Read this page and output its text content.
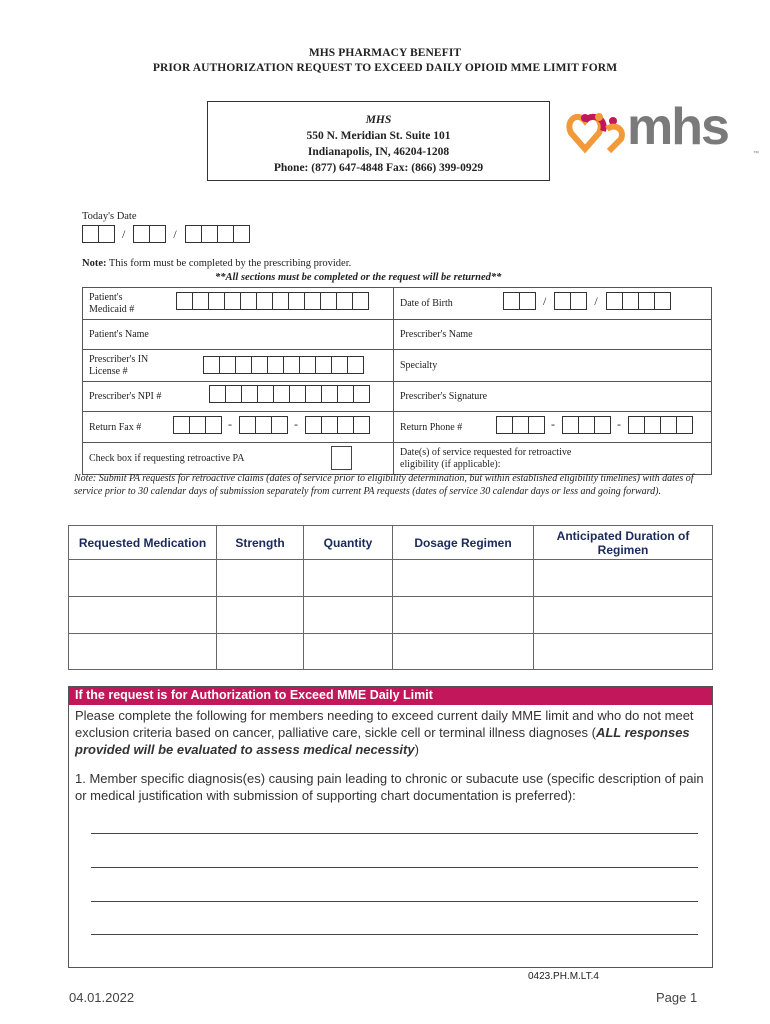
MHS PHARMACY BENEFIT
PRIOR AUTHORIZATION REQUEST TO EXCEED DAILY OPIOID MME LIMIT FORM
MHS
550 N. Meridian St. Suite 101
Indianapolis, IN, 46204-1208
Phone: (877) 647-4848 Fax: (866) 399-0929
mhs	™
Today's Date
/	/
Note: This form must be completed by the prescribing provider.
**All sections must be completed or the request will be returned**
Patient's Medicaid #	Date of Birth / /

Patient's Name	Prescriber's Name

Prescriber's IN License #	Specialty

Prescriber's NPI #	Prescriber's Signature

Return Fax # - -	Return Phone # - -

Check box if requesting retroactive PA	Date(s) of service requested for retroactive eligibility (if applicable):
Note: Submit PA requests for retroactive claims (dates of service prior to eligibility determination, but within established eligibility timelines) with dates of service prior to 30 calendar days of submission separately from current PA requests (dates of service 30 calendar days or less and going forward).
Requested Medication	Strength	Quantity	Dosage Regimen	Anticipated Duration of Regimen

If the request is for Authorization to Exceed MME Daily Limit
Please complete the following for members needing to exceed current daily MME limit and who do not meet exclusion criteria based on cancer, palliative care, sickle cell or terminal illness diagnoses (ALL responses provided will be evaluated to assess medical necessity)
1. Member specific diagnosis(es) causing pain leading to chronic or subacute use (specific description of pain or medical justification with submission of supporting chart documentation is preferred):
0423.PH.M.LT.4
04.01.2022	Page 1
